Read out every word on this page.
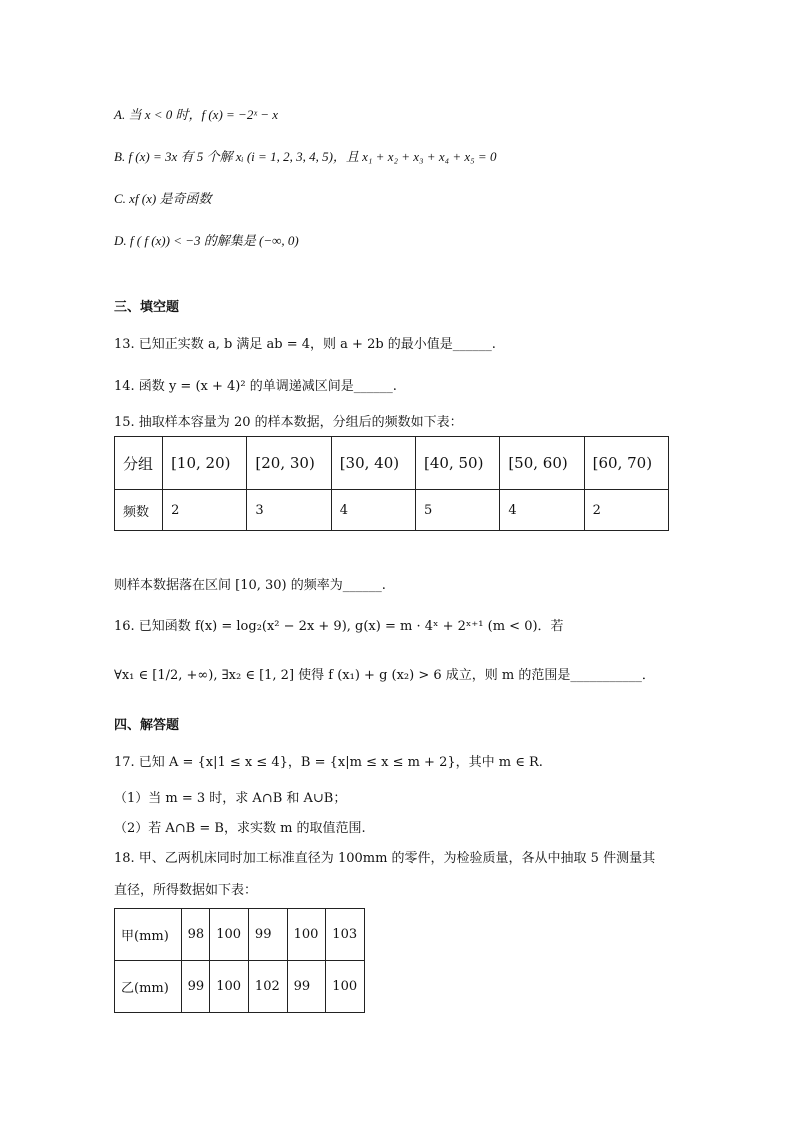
A. 当 x < 0 时，f (x) = −2ˣ − x
B. f (x) = 3x 有 5 个解 xᵢ (i = 1, 2, 3, 4, 5)，且 x₁ + x₂ + x₃ + x₄ + x₅ = 0
C. xf (x) 是奇函数
D. f ( f (x)) < −3 的解集是 (−∞, 0)
三、填空题
13. 已知正实数 a, b 满足 ab = 4，则 a + 2b 的最小值是______.
14. 函数 y = (x + 4)² 的单调递减区间是______.
15. 抽取样本容量为 20 的样本数据，分组后的频数如下表：
分组	[10, 20)	[20, 30)	[30, 40)	[40, 50)	[50, 60)	[60, 70)
频数	2	3	4	5	4	2
则样本数据落在区间 [10, 30) 的频率为______.
16. 已知函数 f(x) = log₂(x² − 2x + 9), g(x) = m · 4ˣ + 2ˣ⁺¹ (m < 0)．若
∀x₁ ∈ [1/2, +∞), ∃x₂ ∈ [1, 2] 使得 f (x₁) + g (x₂) > 6 成立，则 m 的范围是___________．
四、解答题
17. 已知 A = {x|1 ≤ x ≤ 4}，B = {x|m ≤ x ≤ m + 2}，其中 m ∈ R.
（1）当 m = 3 时，求 A∩B 和 A∪B；
（2）若 A∩B = B，求实数 m 的取值范围.
18. 甲、乙两机床同时加工标准直径为 100mm 的零件，为检验质量，各从中抽取 5 件测量其
直径，所得数据如下表：
甲(mm)	98	100	99	100	103
乙(mm)	99	100	102	99	100
